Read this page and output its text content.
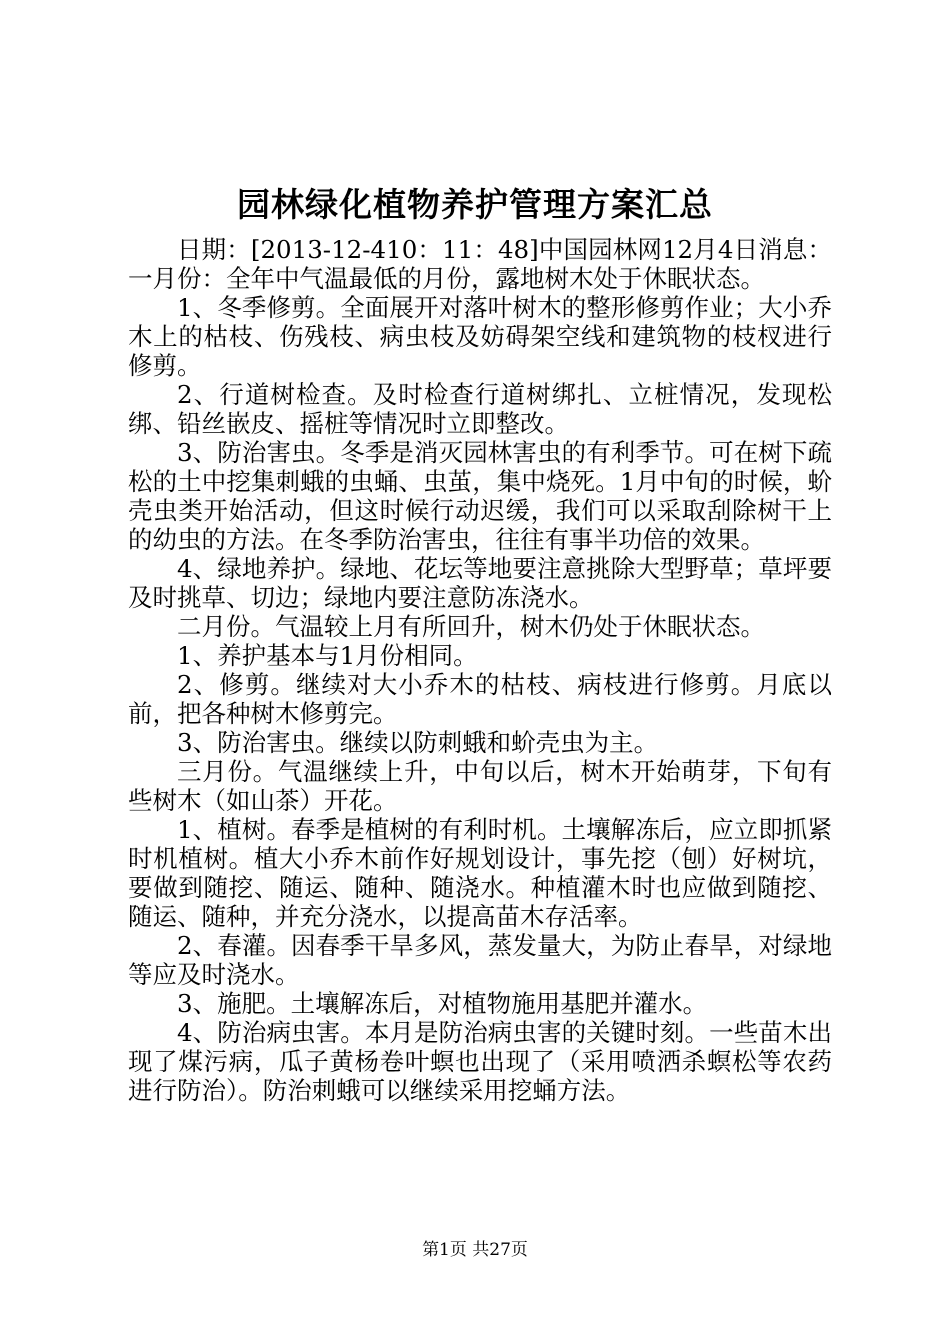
园林绿化植物养护管理方案汇总

日期：[2013-12-410：11：48]中国园林网12月4日消息：一月份：全年中气温最低的月份，露地树木处于休眠状态。

1、冬季修剪。全面展开对落叶树木的整形修剪作业；大小乔木上的枯枝、伤残枝、病虫枝及妨碍架空线和建筑物的枝杈进行修剪。

2、行道树检查。及时检查行道树绑扎、立桩情况，发现松绑、铅丝嵌皮、摇桩等情况时立即整改。

3、防治害虫。冬季是消灭园林害虫的有利季节。可在树下疏松的土中挖集刺蛾的虫蛹、虫茧，集中烧死。1月中旬的时候，蚧壳虫类开始活动，但这时候行动迟缓，我们可以采取刮除树干上的幼虫的方法。在冬季防治害虫，往往有事半功倍的效果。

4、绿地养护。绿地、花坛等地要注意挑除大型野草；草坪要及时挑草、切边；绿地内要注意防冻浇水。

二月份。气温较上月有所回升，树木仍处于休眠状态。

1、养护基本与1月份相同。

2、修剪。继续对大小乔木的枯枝、病枝进行修剪。月底以前，把各种树木修剪完。

3、防治害虫。继续以防刺蛾和蚧壳虫为主。

三月份。气温继续上升，中旬以后，树木开始萌芽，下旬有些树木（如山茶）开花。

1、植树。春季是植树的有利时机。土壤解冻后，应立即抓紧时机植树。植大小乔木前作好规划设计，事先挖（刨）好树坑，要做到随挖、随运、随种、随浇水。种植灌木时也应做到随挖、随运、随种，并充分浇水，以提高苗木存活率。

2、春灌。因春季干旱多风，蒸发量大，为防止春旱，对绿地等应及时浇水。

3、施肥。土壤解冻后，对植物施用基肥并灌水。

4、防治病虫害。本月是防治病虫害的关键时刻。一些苗木出现了煤污病，瓜子黄杨卷叶螟也出现了（采用喷洒杀螟松等农药进行防治）。防治刺蛾可以继续采用挖蛹方法。

第1页 共27页
